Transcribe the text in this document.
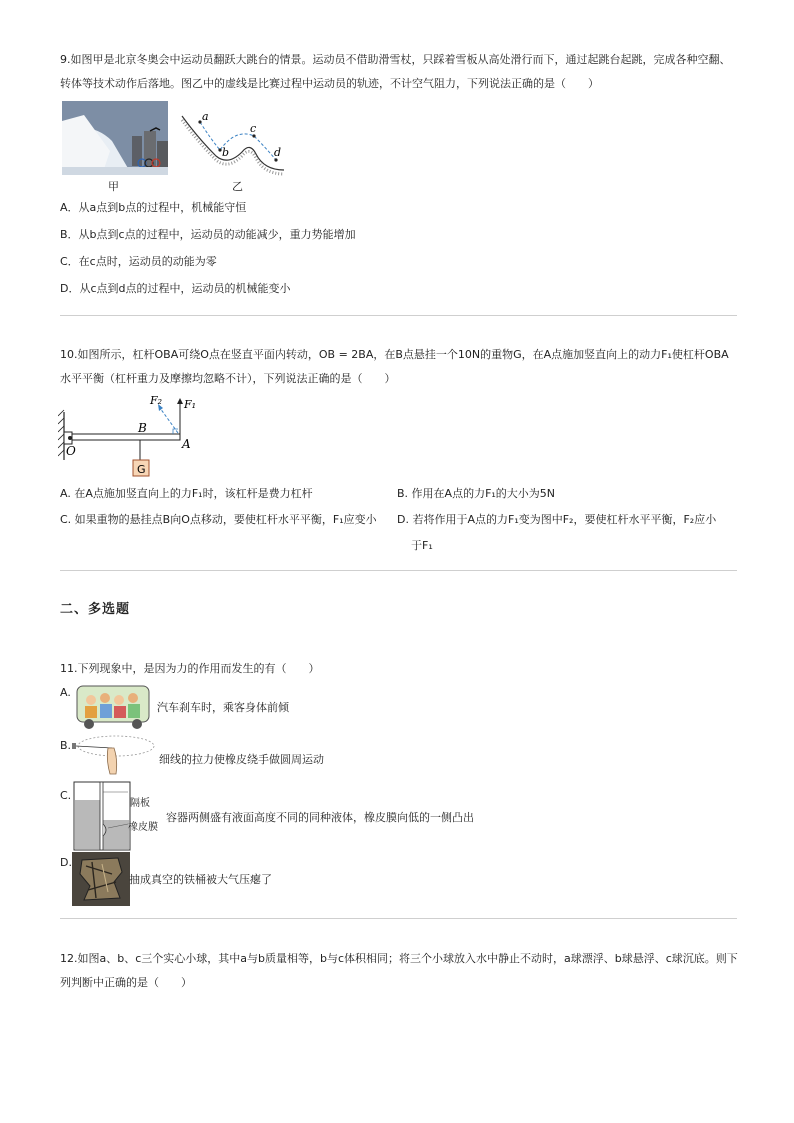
9.如图甲是北京冬奥会中运动员翻跃大跳台的情景。运动员不借助滑雪杖，只踩着雪板从高处滑行而下，通过起跳台起跳，完成各种空翻、
转体等技术动作后落地。图乙中的虚线是比赛过程中运动员的轨迹，不计空气阻力，下列说法正确的是（　　）
甲
a
b
c
d
乙
A．从a点到b点的过程中，机械能守恒
B．从b点到c点的过程中，运动员的动能减少，重力势能增加
C．在c点时，运动员的动能为零
D．从c点到d点的过程中，运动员的机械能变小
10.如图所示，杠杆OBA可绕O点在竖直平面内转动，OB = 2BA，在B点悬挂一个10N的重物G，在A点施加竖直向上的动力F₁使杠杆OBA
水平平衡（杠杆重力及摩擦均忽略不计），下列说法正确的是（　　）
O
B
A
G
F₁
F₂
A. 在A点施加竖直向上的力F₁时，该杠杆是费力杠杆	B. 作用在A点的力F₁的大小为5N
C. 如果重物的悬挂点B向O点移动，要使杠杆水平平衡，F₁应变小 D. 若将作用于A点的力F₁变为图中F₂，要使杠杆水平平衡，F₂应小
于F₁
二、多选题
11.下列现象中，是因为力的作用而发生的有（　　）
A.
汽车刹车时，乘客身体前倾
B.
细线的拉力使橡皮绕手做圆周运动
C.
隔板
橡皮膜
容器两侧盛有液面高度不同的同种液体，橡皮膜向低的一侧凸出
D.
抽成真空的铁桶被大气压瘪了
12.如图a、b、c三个实心小球，其中a与b质量相等，b与c体积相同；将三个小球放入水中静止不动时，a球漂浮、b球悬浮、c球沉底。则下
列判断中正确的是（　　）
